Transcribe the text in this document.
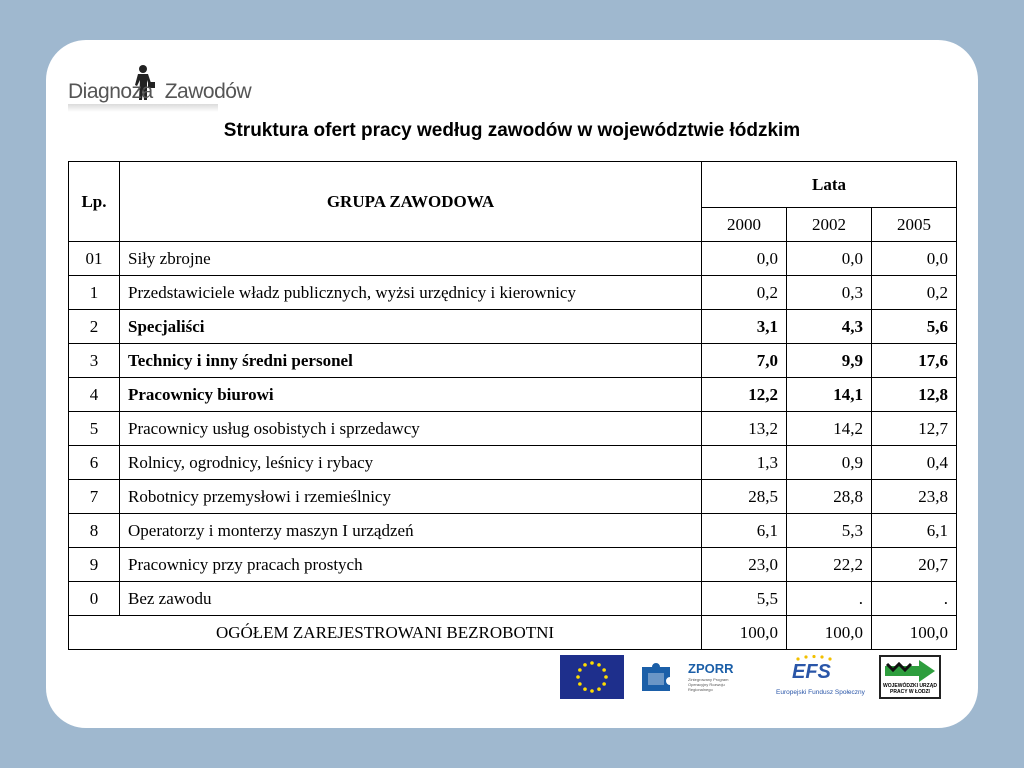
Diagnoza Zawodów
Struktura ofert pracy według zawodów w województwie łódzkim
Lp.	GRUPA ZAWODOWA	Lata		
		2000	2002	2005
01	Siły zbrojne	0,0	0,0	0,0
1	Przedstawiciele władz publicznych, wyżsi urzędnicy i kierownicy	0,2	0,3	0,2
2	Specjaliści	3,1	4,3	5,6
3	Technicy i inny średni personel	7,0	9,9	17,6
4	Pracownicy biurowi	12,2	14,1	12,8
5	Pracownicy usług osobistych i sprzedawcy	13,2	14,2	12,7
6	Rolnicy, ogrodnicy, leśnicy i rybacy	1,3	0,9	0,4
7	Robotnicy przemysłowi i rzemieślnicy	28,5	28,8	23,8
8	Operatorzy i monterzy maszyn I urządzeń	6,1	5,3	6,1
9	Pracownicy przy pracach prostych	23,0	22,2	20,7
0	Bez zawodu	5,5	.	.
OGÓŁEM ZAREJESTROWANI BEZROBOTNI		100,0	100,0	100,0
ZPORR
Zintegrowany Program Operacyjny Rozwoju Regionalnego
EFS
Europejski Fundusz Społeczny
WOJEWÓDZKI URZĄD PRACY W ŁODZI
